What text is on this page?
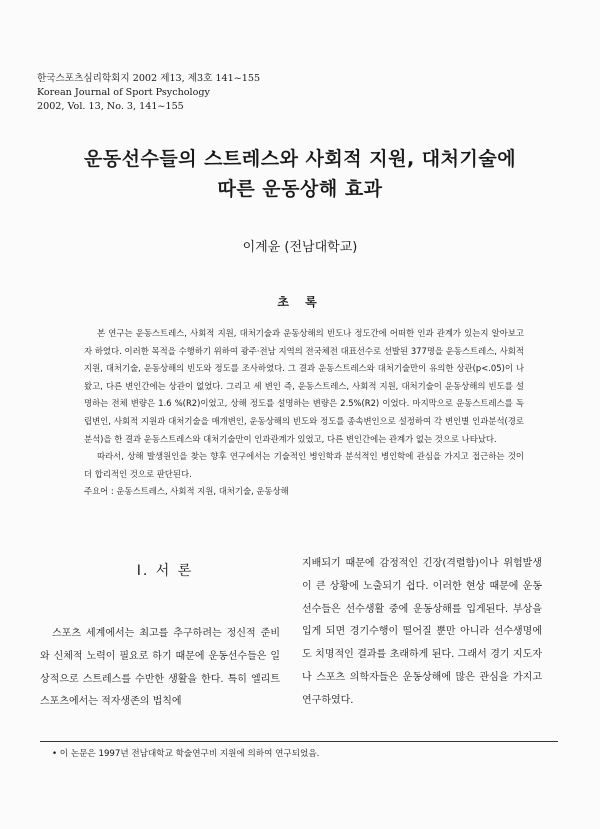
한국스포츠심리학회지 2002 제13, 제3호 141~155
Korean Journal of Sport Psychology
2002, Vol. 13, No. 3, 141~155
운동선수들의 스트레스와 사회적 지원, 대처기술에
따른 운동상해 효과
이계윤 (전남대학교)
초 록

본 연구는 운동스트레스, 사회적 지원, 대처기술과 운동상해의 빈도나 정도간에 어떠한 인과 관계가 있는지 알아보고자 하였다. 이러한 목적을 수행하기 위하여 광주·전남 지역의 전국체전 대표선수로 선발된 377명을 운동스트레스, 사회적 지원, 대처기술, 운동상해의 빈도와 정도를 조사하였다. 그 결과 운동스트레스와 대처기술만이 유의한 상관(p<.05)이 나왔고, 다른 변인간에는 상관이 없었다. 그리고 세 변인 즉, 운동스트레스, 사회적 지원, 대처기술이 운동상해의 빈도를 설명하는 전체 변량은 1.6 %(R2)이었고, 상해 정도를 설명하는 변량은 2.5%(R2) 이었다. 마지막으로 운동스트레스를 독립변인, 사회적 지원과 대처기술을 매개변인, 운동상해의 빈도와 정도를 종속변인으로 설정하여 각 변인별 인과분석(경로 분석)을 한 결과 운동스트레스와 대처기술만이 인과관계가 있었고, 다른 변인간에는 관계가 없는 것으로 나타났다.

따라서, 상해 발생원인을 찾는 향후 연구에서는 기술적인 병인학과 분석적인 병인학에 관심을 가지고 접근하는 것이 더 합리적인 것으로 판단된다.

주요어 : 운동스트레스, 사회적 지원, 대처기술, 운동상해

I. 서 론

스포츠 세계에서는 최고를 추구하려는 정신적 준비와 신체적 노력이 필요로 하기 때문에 운동선수들은 일상적으로 스트레스를 수반한 생활을 한다. 특히 엘리트 스포츠에서는 적자생존의 법칙에

지배되기 때문에 감정적인 긴장(격렬함)이나 위험발생이 큰 상황에 노출되기 쉽다. 이러한 현상 때문에 운동선수들은 선수생활 중에 운동상해를 입게된다. 부상을 입게 되면 경기수행이 떨어질 뿐만 아니라 선수생명에도 치명적인 결과를 초래하게 된다. 그래서 경기 지도자나 스포츠 의학자들은 운동상해에 많은 관심을 가지고 연구하였다.

• 이 논문은 1997년 전남대학교 학술연구비 지원에 의하여 연구되었음.
